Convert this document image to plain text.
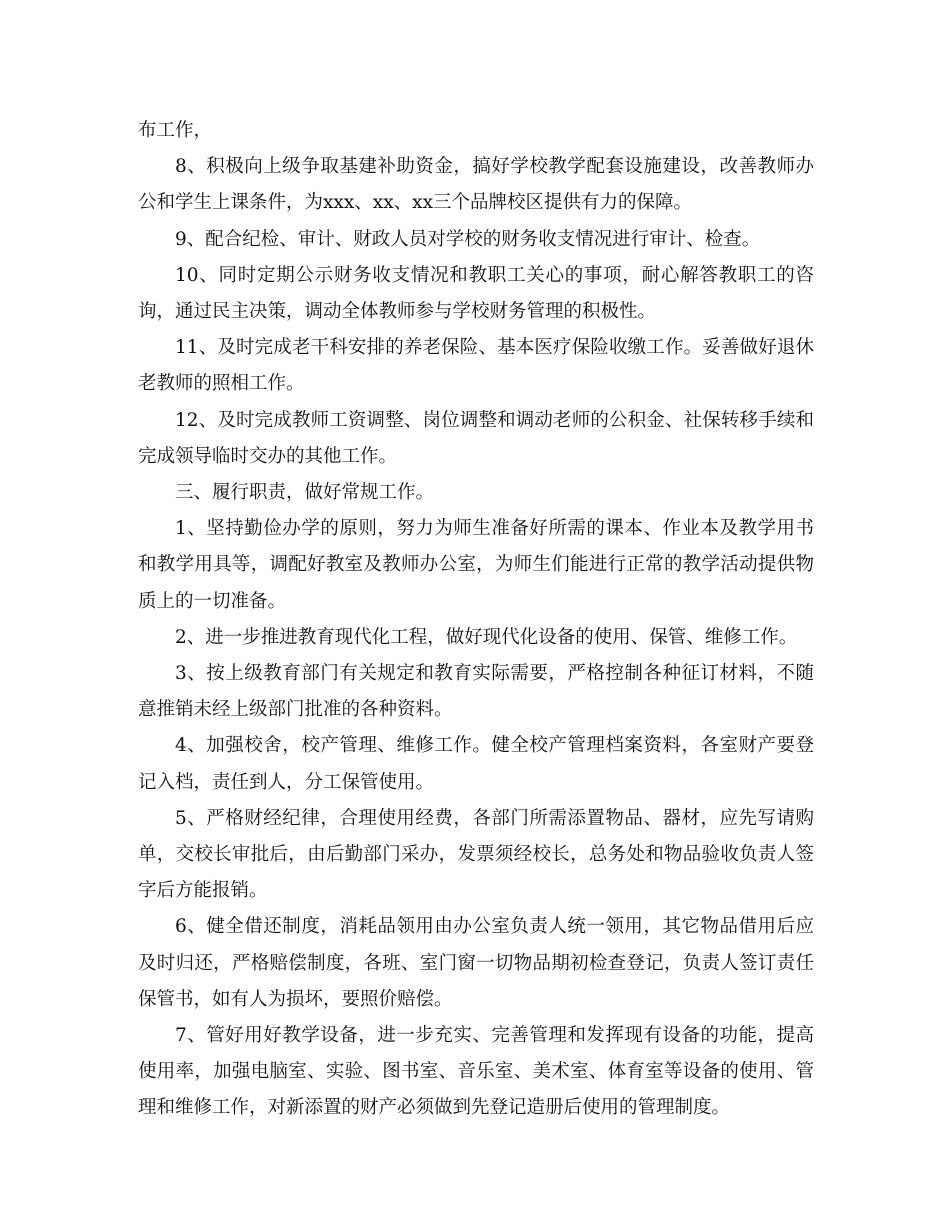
布工作，

8、积极向上级争取基建补助资金，搞好学校教学配套设施建设，改善教师办公和学生上课条件，为xxx、xx、xx三个品牌校区提供有力的保障。

9、配合纪检、审计、财政人员对学校的财务收支情况进行审计、检查。

10、同时定期公示财务收支情况和教职工关心的事项，耐心解答教职工的咨询，通过民主决策，调动全体教师参与学校财务管理的积极性。

11、及时完成老干科安排的养老保险、基本医疗保险收缴工作。妥善做好退休老教师的照相工作。

12、及时完成教师工资调整、岗位调整和调动老师的公积金、社保转移手续和完成领导临时交办的其他工作。

三、履行职责，做好常规工作。

1、坚持勤俭办学的原则，努力为师生准备好所需的课本、作业本及教学用书和教学用具等，调配好教室及教师办公室，为师生们能进行正常的教学活动提供物质上的一切准备。

2、进一步推进教育现代化工程，做好现代化设备的使用、保管、维修工作。

3、按上级教育部门有关规定和教育实际需要，严格控制各种征订材料，不随意推销未经上级部门批准的各种资料。

4、加强校舍，校产管理、维修工作。健全校产管理档案资料，各室财产要登记入档，责任到人，分工保管使用。

5、严格财经纪律，合理使用经费，各部门所需添置物品、器材，应先写请购单，交校长审批后，由后勤部门采办，发票须经校长，总务处和物品验收负责人签字后方能报销。

6、健全借还制度，消耗品领用由办公室负责人统一领用，其它物品借用后应及时归还，严格赔偿制度，各班、室门窗一切物品期初检查登记，负责人签订责任保管书，如有人为损坏，要照价赔偿。

7、管好用好教学设备，进一步充实、完善管理和发挥现有设备的功能，提高使用率，加强电脑室、实验、图书室、音乐室、美术室、体育室等设备的使用、管理和维修工作，对新添置的财产必须做到先登记造册后使用的管理制度。
